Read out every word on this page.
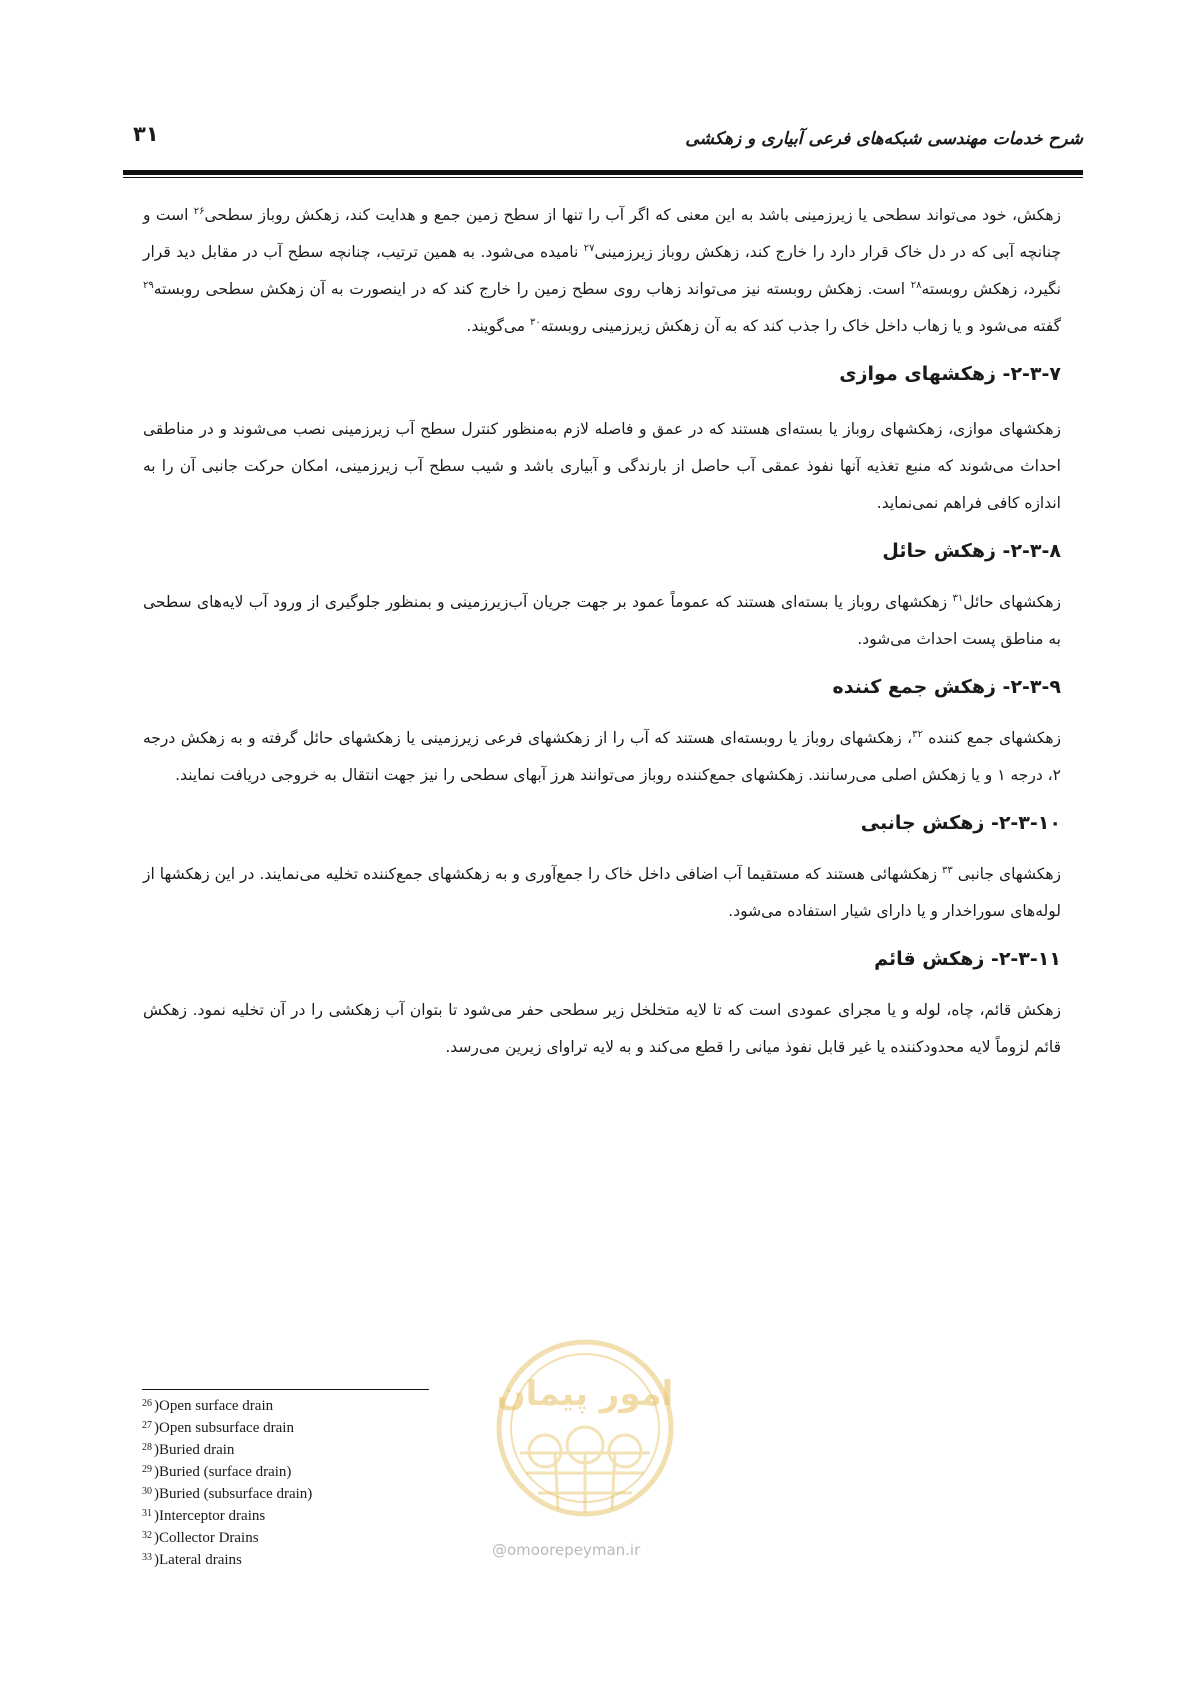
شرح خدمات مهندسی شبکه‌های فرعی آبیاری و زهکشی
۳۱

زهکش، خود می‌تواند سطحی یا زیرزمینی باشد به این معنی که اگر آب را تنها از سطح زمین جمع و هدایت کند، زهکش روباز سطحی$^{۲۶}$ است و چنانچه آبی که در دل خاک قرار دارد را خارج کند، زهکش روباز زیرزمینی$^{۲۷}$ نامیده می‌شود. به همین ترتیب، چنانچه سطح آب در مقابل دید قرار نگیرد، زهکش روبسته$^{۲۸}$ است. زهکش روبسته نیز می‌تواند زهاب روی سطح زمین را خارج کند که در اینصورت به آن زهکش سطحی روبسته$^{۲۹}$ گفته می‌شود و یا زهاب داخل خاک را جذب کند که به آن زهکش زیرزمینی روبسته$^{۳۰}$ می‌گویند.

۲-۳-۷- زهکشهای موازی

زهکشهای موازی، زهکشهای روباز یا بسته‌ای هستند که در عمق و فاصله لازم به‌منظور کنترل سطح آب زیرزمینی نصب می‌شوند و در مناطقی احداث می‌شوند که منبع تغذیه آنها نفوذ عمقی آب حاصل از بارندگی و آبیاری باشد و شیب سطح آب زیرزمینی، امکان حرکت جانبی آن را به اندازه کافی فراهم نمی‌نماید.

۲-۳-۸- زهکش حائل

زهکشهای حائل$^{۳۱}$ زهکشهای روباز یا بسته‌ای هستند که عموماً عمود بر جهت جریان آب‌زیرزمینی و بمنظور جلوگیری از ورود آب لایه‌های سطحی به مناطق پست احداث می‌شود.

۲-۳-۹- زهکش جمع کننده

زهکشهای جمع کننده $^{۳۲}$، زهکشهای روباز یا روبسته‌ای هستند که آب را از زهکشهای فرعی زیرزمینی یا زهکشهای حائل گرفته و به زهکش درجه ۲، درجه ۱ و یا زهکش اصلی می‌رسانند. زهکشهای جمع‌کننده روباز می‌توانند هرز آبهای سطحی را نیز جهت انتقال به خروجی دریافت نمایند.

۲-۳-۱۰- زهکش جانبی

زهکشهای جانبی $^{۳۳}$ زهکشهائی هستند که مستقیما آب اضافی داخل خاک را جمع‌آوری و به زهکشهای جمع‌کننده تخلیه می‌نمایند. در این زهکشها از لوله‌های سوراخدار و یا دارای شیار استفاده می‌شود.

۲-۳-۱۱- زهکش قائم

زهکش قائم، چاه، لوله و یا مجرای عمودی است که تا لایه متخلخل زیر سطحی حفر می‌شود تا بتوان آب زهکشی را در آن تخلیه نمود. زهکش قائم لزوماً لایه محدودکننده یا غیر قابل نفوذ میانی را قطع می‌کند و به لایه تراوای زیرین می‌رسد.

$^{26}$ )Open surface drain
$^{27}$ )Open subsurface drain
$^{28}$ )Buried drain
$^{29}$ )Buried (surface drain)
$^{30}$ )Buried (subsurface drain)
$^{31}$ )Interceptor drains
$^{32}$ )Collector Drains
$^{33}$ )Lateral drains
امور پیمان
@omoorepeyman.ir
